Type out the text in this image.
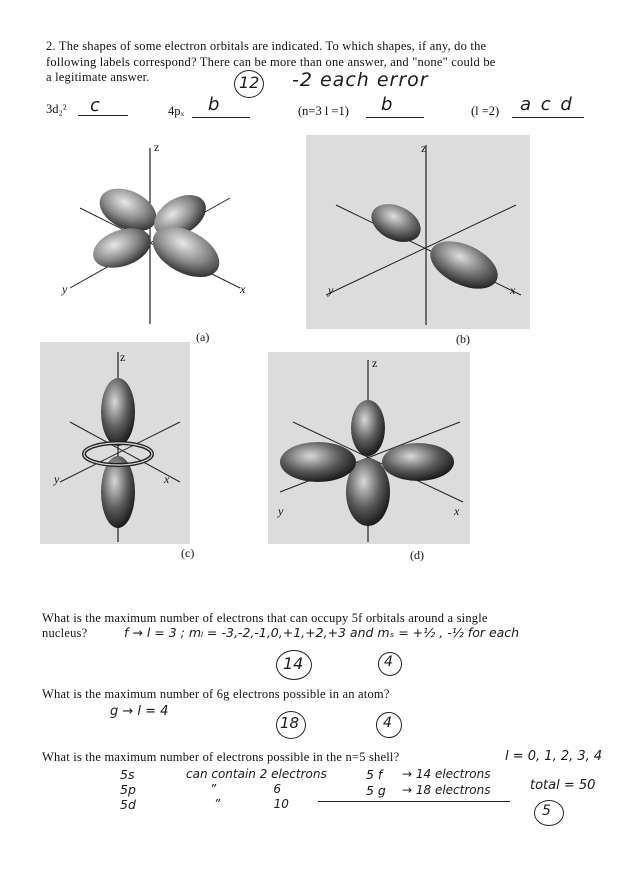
2. The shapes of some electron orbitals are indicated. To which shapes, if any, do the
following labels correspond? There can be more than one answer, and "none" could be
a legitimate answer.	12 -2 each error
3d₂² c	4pₓ b	(n=3 l =1) b	(l =2) a c d
z
y	x
(a)
z
y	x
(b)
z
y	x
(c)
z
y	x
(d)
What is the maximum number of electrons that can occupy 5f orbitals around a single
nucleus?	f → l = 3 ; mₗ = -3,-2,-1,0,+1,+2,+3 and mₛ = +½ , -½ for each
14	4
What is the maximum number of 6g electrons possible in an atom?
g → l = 4
18	4
What is the maximum number of electrons possible in the n=5 shell?	l = 0, 1, 2, 3, 4
5s	can contain 2 electrons	5 f → 14 electrons
5p	”               6	5 g → 18 electrons
5d	”              10
total = 50
5
